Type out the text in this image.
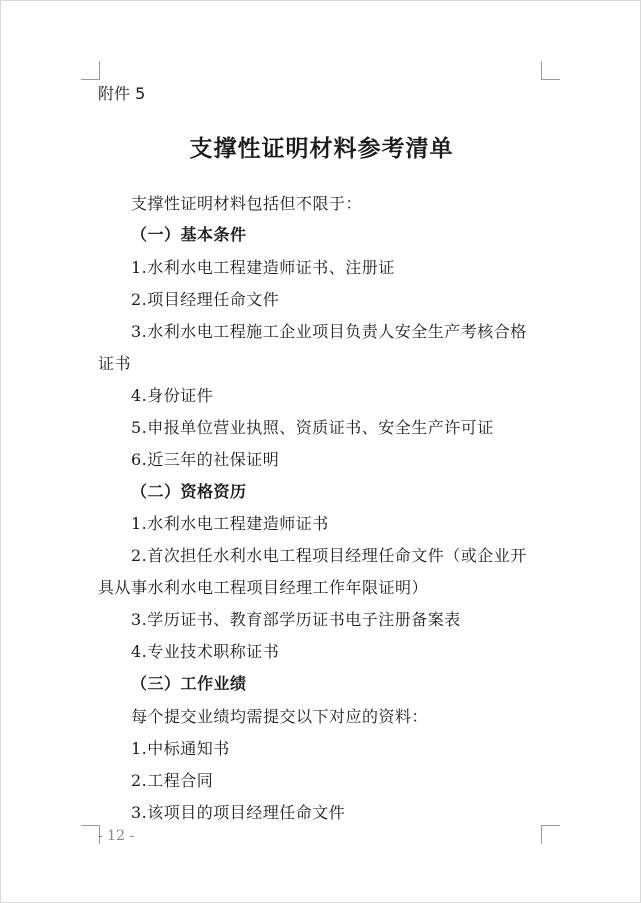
附件 5
支撑性证明材料参考清单
支撑性证明材料包括但不限于：
（一）基本条件
1.水利水电工程建造师证书、注册证
2.项目经理任命文件
3.水利水电工程施工企业项目负责人安全生产考核合格
证书
4.身份证件
5.申报单位营业执照、资质证书、安全生产许可证
6.近三年的社保证明
（二）资格资历
1.水利水电工程建造师证书
2.首次担任水利水电工程项目经理任命文件（或企业开
具从事水利水电工程项目经理工作年限证明）
3.学历证书、教育部学历证书电子注册备案表
4.专业技术职称证书
（三）工作业绩
每个提交业绩均需提交以下对应的资料：
1.中标通知书
2.工程合同
3.该项目的项目经理任命文件
- 12 -
